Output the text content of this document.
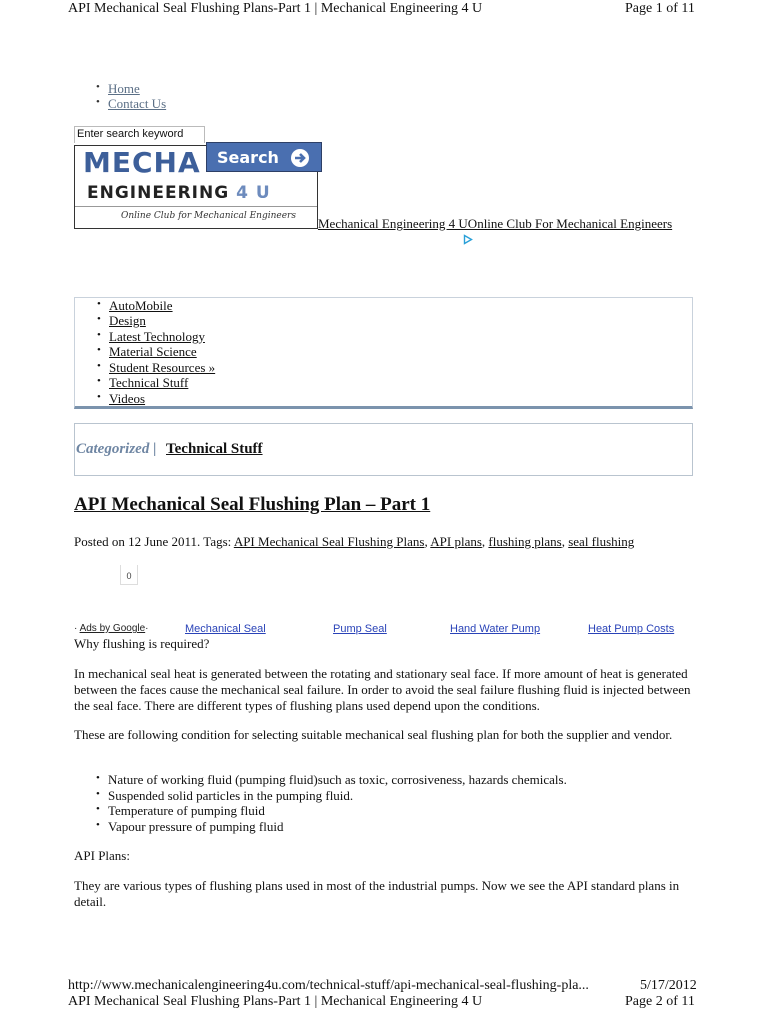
API Mechanical Seal Flushing Plans-Part 1 | Mechanical Engineering 4 U	Page 1 of 11
• Home
• Contact Us
Enter search keyword
MECHA
ENGINEERING 4 U
Online Club for Mechanical Engineers
Search
Mechanical Engineering 4 UOnline Club For Mechanical Engineers
• AutoMobile
• Design
• Latest Technology
• Material Science
• Student Resources »
• Technical Stuff
• Videos
Categorized | Technical Stuff
API Mechanical Seal Flushing Plan – Part 1
Posted on 12 June 2011. Tags: API Mechanical Seal Flushing Plans, API plans, flushing plans, seal flushing
0
· Ads by Google·	Mechanical Seal	Pump Seal	Hand Water Pump	Heat Pump Costs
Why flushing is required?

In mechanical seal heat is generated between the rotating and stationary seal face. If more amount of heat is generated between the faces cause the mechanical seal failure. In order to avoid the seal failure flushing fluid is injected between the seal face. There are different types of flushing plans used depend upon the conditions.

These are following condition for selecting suitable mechanical seal flushing plan for both the supplier and vendor.

• Nature of working fluid (pumping fluid)such as toxic, corrosiveness, hazards chemicals.
• Suspended solid particles in the pumping fluid.
• Temperature of pumping fluid
• Vapour pressure of pumping fluid
API Plans:

They are various types of flushing plans used in most of the industrial pumps. Now we see the API standard plans in detail.

http://www.mechanicalengineering4u.com/technical-stuff/api-mechanical-seal-flushing-pla...	5/17/2012
API Mechanical Seal Flushing Plans-Part 1 | Mechanical Engineering 4 U	Page 2 of 11
